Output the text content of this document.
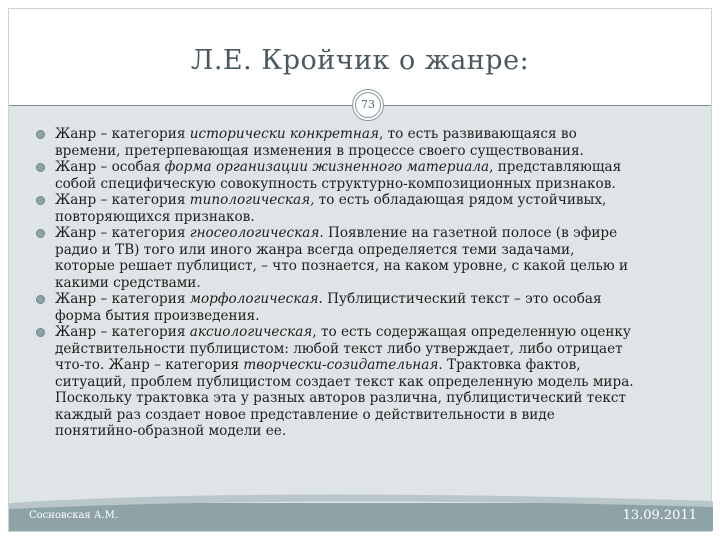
Л.Е. Кройчик о жанре:
73
Жанр – категория исторически конкретная, то есть развивающаяся во
времени, претерпевающая изменения в процессе своего существования.
Жанр – особая форма организации жизненного материала, представляющая
собой специфическую совокупность структурно-композиционных признаков.
Жанр – категория типологическая, то есть обладающая рядом устойчивых,
повторяющихся признаков.
Жанр – категория гносеологическая. Появление на газетной полосе (в эфире
радио и ТВ) того или иного жанра всегда определяется теми задачами,
которые решает публицист, – что познается, на каком уровне, с какой целью и
какими средствами.
Жанр – категория морфологическая. Публицистический текст – это особая
форма бытия произведения.
Жанр – категория аксиологическая, то есть содержащая определенную оценку
действительности публицистом: любой текст либо утверждает, либо отрицает
что-то. Жанр – категория творчески-созидательная. Трактовка фактов,
ситуаций, проблем публицистом создает текст как определенную модель мира.
Поскольку трактовка эта у разных авторов различна, публицистический текст
каждый раз создает новое представление о действительности в виде
понятийно-образной модели ее.
Сосновская А.М.	13.09.2011
